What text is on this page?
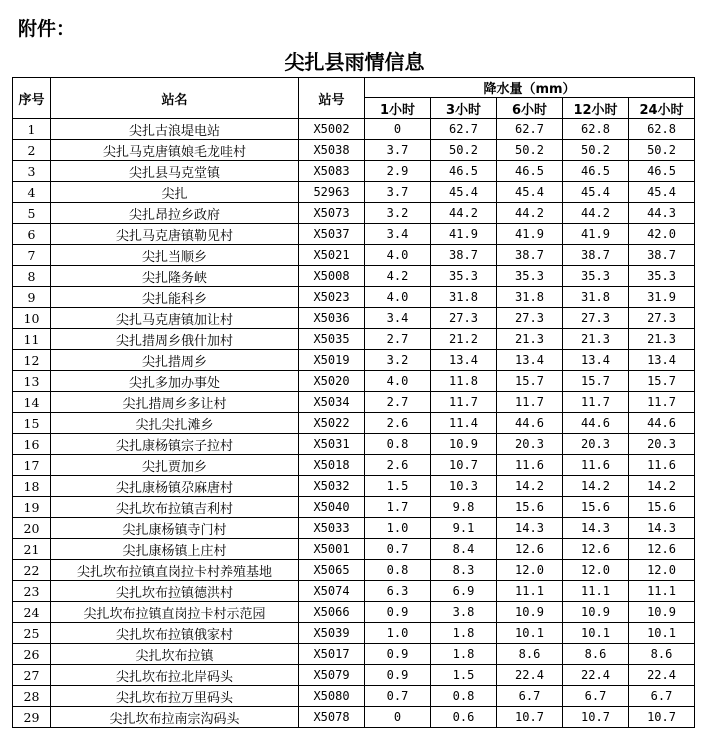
附件：
尖扎县雨情信息
序号	站名	站号	降水量（mm）				
			1小时	3小时	6小时	12小时	24小时
1	尖扎古浪堤电站	X5002	0	62.7	62.7	62.8	62.8
2	尖扎马克唐镇娘毛龙哇村	X5038	3.7	50.2	50.2	50.2	50.2
3	尖扎县马克堂镇	X5083	2.9	46.5	46.5	46.5	46.5
4	尖扎	52963	3.7	45.4	45.4	45.4	45.4
5	尖扎昂拉乡政府	X5073	3.2	44.2	44.2	44.2	44.3
6	尖扎马克唐镇勒见村	X5037	3.4	41.9	41.9	41.9	42.0
7	尖扎当顺乡	X5021	4.0	38.7	38.7	38.7	38.7
8	尖扎隆务峡	X5008	4.2	35.3	35.3	35.3	35.3
9	尖扎能科乡	X5023	4.0	31.8	31.8	31.8	31.9
10	尖扎马克唐镇加让村	X5036	3.4	27.3	27.3	27.3	27.3
11	尖扎措周乡俄什加村	X5035	2.7	21.2	21.3	21.3	21.3
12	尖扎措周乡	X5019	3.2	13.4	13.4	13.4	13.4
13	尖扎多加办事处	X5020	4.0	11.8	15.7	15.7	15.7
14	尖扎措周乡多让村	X5034	2.7	11.7	11.7	11.7	11.7
15	尖扎尖扎滩乡	X5022	2.6	11.4	44.6	44.6	44.6
16	尖扎康杨镇宗子拉村	X5031	0.8	10.9	20.3	20.3	20.3
17	尖扎贾加乡	X5018	2.6	10.7	11.6	11.6	11.6
18	尖扎康杨镇尕麻唐村	X5032	1.5	10.3	14.2	14.2	14.2
19	尖扎坎布拉镇吉利村	X5040	1.7	9.8	15.6	15.6	15.6
20	尖扎康杨镇寺门村	X5033	1.0	9.1	14.3	14.3	14.3
21	尖扎康杨镇上庄村	X5001	0.7	8.4	12.6	12.6	12.6
22	尖扎坎布拉镇直岗拉卡村养殖基地	X5065	0.8	8.3	12.0	12.0	12.0
23	尖扎坎布拉镇德洪村	X5074	6.3	6.9	11.1	11.1	11.1
24	尖扎坎布拉镇直岗拉卡村示范园	X5066	0.9	3.8	10.9	10.9	10.9
25	尖扎坎布拉镇俄家村	X5039	1.0	1.8	10.1	10.1	10.1
26	尖扎坎布拉镇	X5017	0.9	1.8	8.6	8.6	8.6
27	尖扎坎布拉北岸码头	X5079	0.9	1.5	22.4	22.4	22.4
28	尖扎坎布拉万里码头	X5080	0.7	0.8	6.7	6.7	6.7
29	尖扎坎布拉南宗沟码头	X5078	0	0.6	10.7	10.7	10.7
